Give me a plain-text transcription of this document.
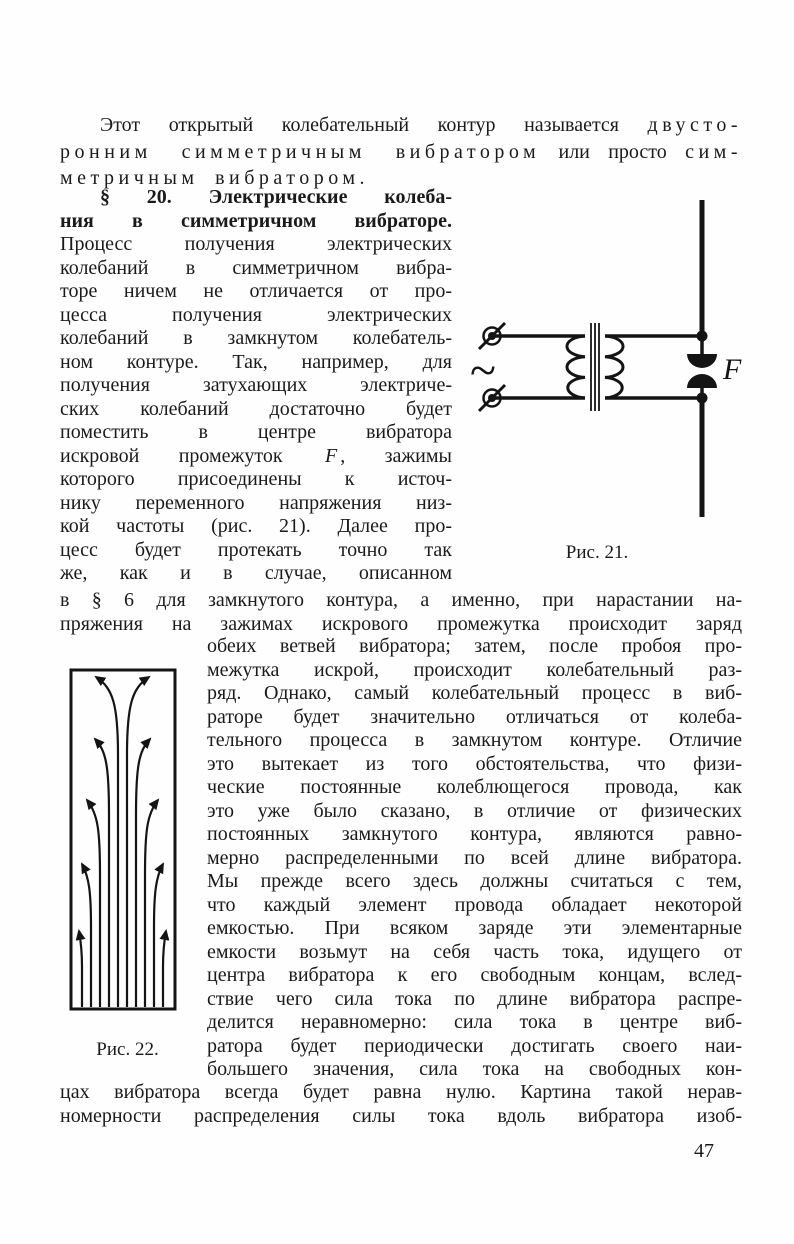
Этот открытый колебательный контур называется двусто-
ронним симметричным вибратором или просто сим-
метричным вибратором.
§ 20. Электрические колеба-
ния в симметричном вибраторе.
Процесс получения электрических
колебаний в симметричном вибра-
торе ничем не отличается от про-
цесса получения электрических
колебаний в замкнутом колебатель-
ном контуре. Так, например, для
получения затухающих электриче-
ских колебаний достаточно будет
поместить в центре вибратора
искровой промежуток F , зажимы
которого присоединены к источ-
нику переменного напряжения низ-
кой частоты (рис. 21). Далее про-
цесс будет протекать точно так
же, как и в случае, описанном
F
~
Рис. 21.
в § 6 для замкнутого контура, а именно, при нарастании на-
пряжения на зажимах искрового промежутка происходит заряд
Рис. 22.
обеих ветвей вибратора; затем, после пробоя про-
межутка искрой, происходит колебательный раз-
ряд. Однако, самый колебательный процесс в виб-
раторе будет значительно отличаться от колеба-
тельного процесса в замкнутом контуре. Отличие
это вытекает из того обстоятельства, что физи-
ческие постоянные колеблющегося провода, как
это уже было сказано, в отличие от физических
постоянных замкнутого контура, являются равно-
мерно распределенными по всей длине вибратора.
Мы прежде всего здесь должны считаться с тем,
что каждый элемент провода обладает некоторой
емкостью. При всяком заряде эти элементарные
емкости возьмут на себя часть тока, идущего от
центра вибратора к его свободным концам, вслед-
ствие чего сила тока по длине вибратора распре-
делится неравномерно: сила тока в центре виб-
ратора будет периодически достигать своего наи-
большего значения, сила тока на свободных кон-
цах вибратора всегда будет равна нулю. Картина такой нерав-
номерности распределения силы тока вдоль вибратора изоб-
47
